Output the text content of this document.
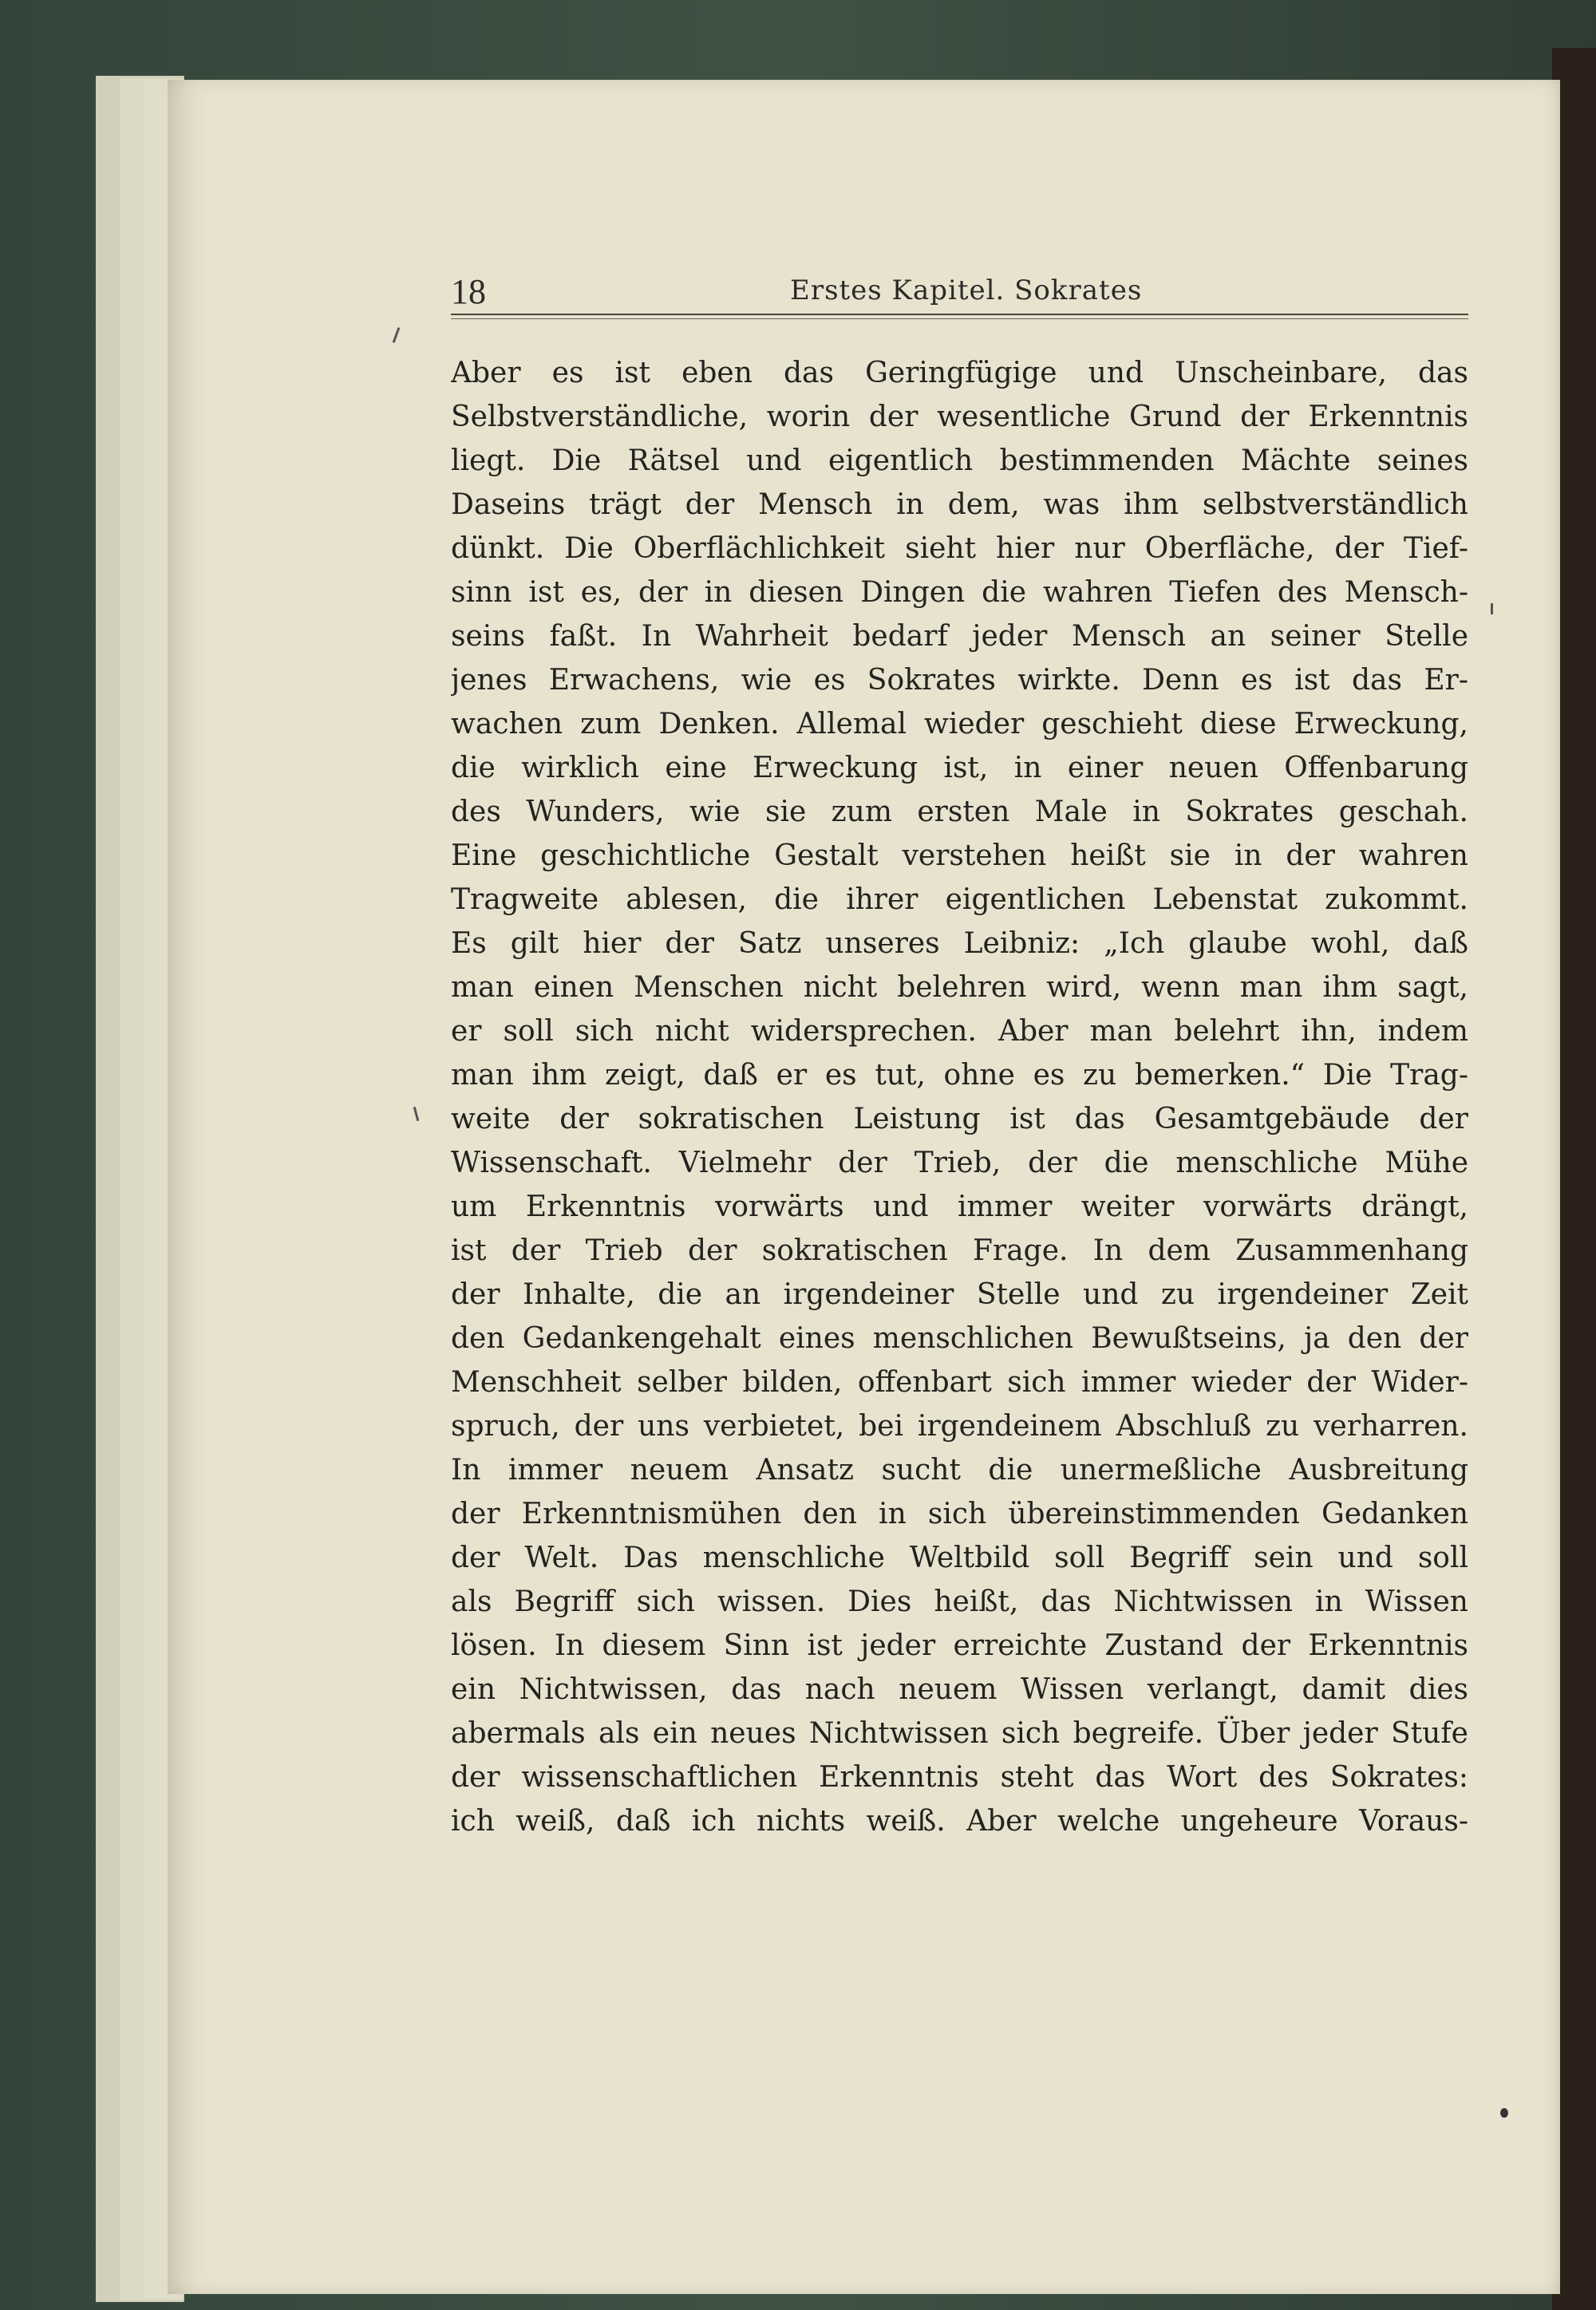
18	Erstes Kapitel. Sokrates
Aber es ist eben das Geringfügige und Unscheinbare, das
Selbstverständliche, worin der wesentliche Grund der Erkenntnis
liegt. Die Rätsel und eigentlich bestimmenden Mächte seines
Daseins trägt der Mensch in dem, was ihm selbstverständlich
dünkt. Die Oberflächlichkeit sieht hier nur Oberfläche, der Tief-
sinn ist es, der in diesen Dingen die wahren Tiefen des Mensch-
seins faßt. In Wahrheit bedarf jeder Mensch an seiner Stelle
jenes Erwachens, wie es Sokrates wirkte. Denn es ist das Er-
wachen zum Denken. Allemal wieder geschieht diese Erweckung,
die wirklich eine Erweckung ist, in einer neuen Offenbarung
des Wunders, wie sie zum ersten Male in Sokrates geschah.
Eine geschichtliche Gestalt verstehen heißt sie in der wahren
Tragweite ablesen, die ihrer eigentlichen Lebenstat zukommt.
Es gilt hier der Satz unseres Leibniz: „Ich glaube wohl, daß
man einen Menschen nicht belehren wird, wenn man ihm sagt,
er soll sich nicht widersprechen. Aber man belehrt ihn, indem
man ihm zeigt, daß er es tut, ohne es zu bemerken.“ Die Trag-
weite der sokratischen Leistung ist das Gesamtgebäude der
Wissenschaft. Vielmehr der Trieb, der die menschliche Mühe
um Erkenntnis vorwärts und immer weiter vorwärts drängt,
ist der Trieb der sokratischen Frage. In dem Zusammenhang
der Inhalte, die an irgendeiner Stelle und zu irgendeiner Zeit
den Gedankengehalt eines menschlichen Bewußtseins, ja den der
Menschheit selber bilden, offenbart sich immer wieder der Wider-
spruch, der uns verbietet, bei irgendeinem Abschluß zu verharren.
In immer neuem Ansatz sucht die unermeßliche Ausbreitung
der Erkenntnismühen den in sich übereinstimmenden Gedanken
der Welt. Das menschliche Weltbild soll Begriff sein und soll
als Begriff sich wissen. Dies heißt, das Nichtwissen in Wissen
lösen. In diesem Sinn ist jeder erreichte Zustand der Erkenntnis
ein Nichtwissen, das nach neuem Wissen verlangt, damit dies
abermals als ein neues Nichtwissen sich begreife. Über jeder Stufe
der wissenschaftlichen Erkenntnis steht das Wort des Sokrates:
ich weiß, daß ich nichts weiß. Aber welche ungeheure Voraus-
